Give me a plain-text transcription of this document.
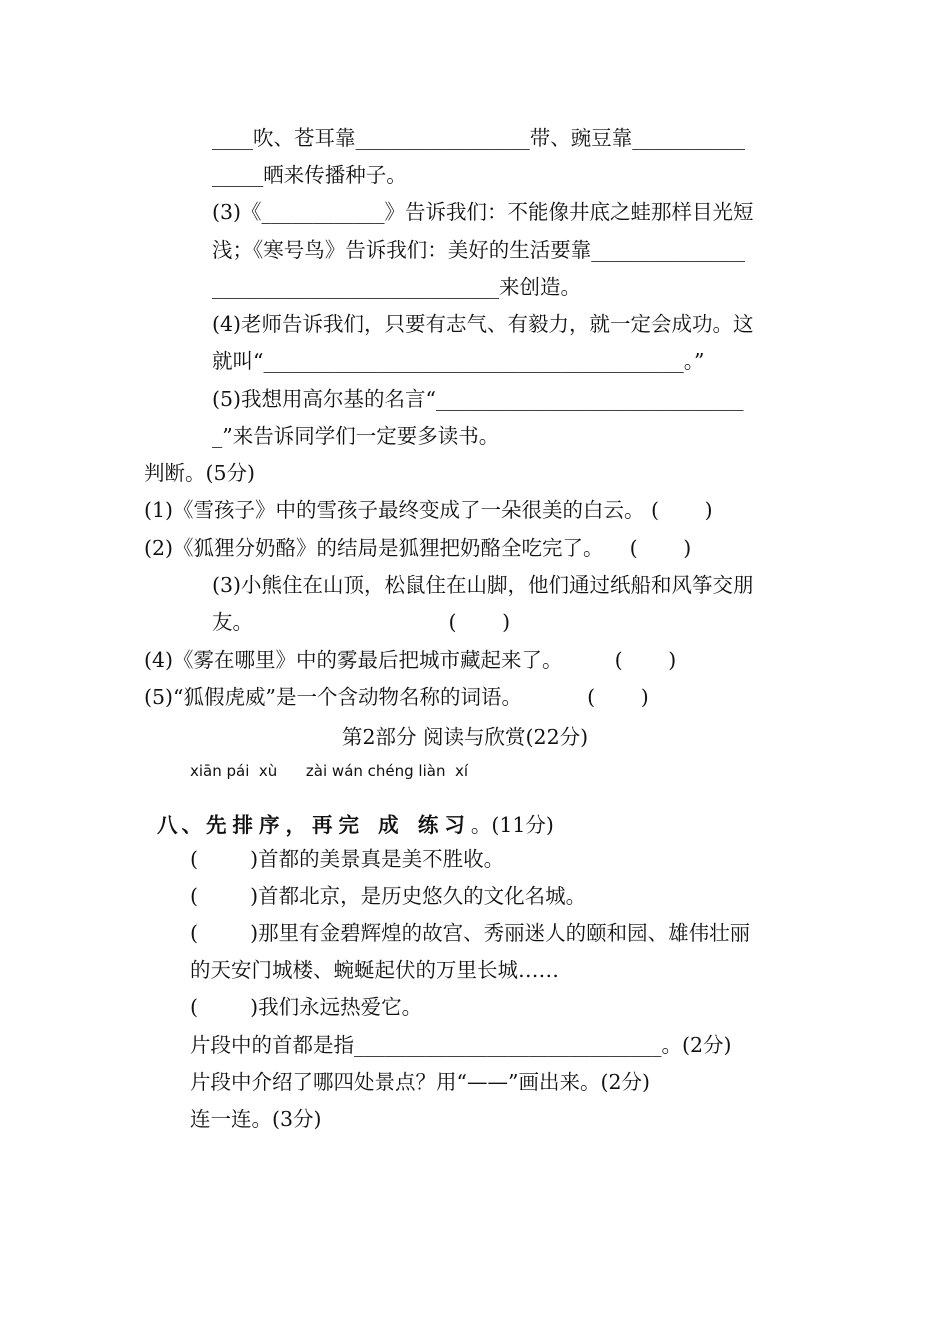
____吹、苍耳靠_________________带、豌豆靠___________
_____晒来传播种子。
(3)《____________》告诉我们：不能像井底之蛙那样目光短
浅；《寒号鸟》告诉我们：美好的生活要靠_______________
____________________________来创造。
(4)老师告诉我们，只要有志气、有毅力，就一定会成功。这
就叫“_________________________________________。”
(5)我想用高尔基的名言“______________________________
_”来告诉同学们一定要多读书。
判断。(5分)
(1)《雪孩子》中的雪孩子最终变成了一朵很美的白云。 (       )
(2)《狐狸分奶酪》的结局是狐狸把奶酪全吃完了。    (       )
(3)小熊住在山顶，松鼠住在山脚，他们通过纸船和风筝交朋
友。                              (       )
(4)《雾在哪里》中的雾最后把城市藏起来了。        (       )
(5)“狐假虎威”是一个含动物名称的词语。          (       )
第2部分 阅读与欣赏(22分)
xiān pái  xù      zài wán chéng liàn  xí

八、先排序，再完 成 练习。(11分)

(        )首都的美景真是美不胜收。
(        )首都北京，是历史悠久的文化名城。
(        )那里有金碧辉煌的故宫、秀丽迷人的颐和园、雄伟壮丽
的天安门城楼、蜿蜒起伏的万里长城……
(        )我们永远热爱它。
片段中的首都是指______________________________。(2分)
片段中介绍了哪四处景点？用“——”画出来。(2分)
连一连。(3分)
